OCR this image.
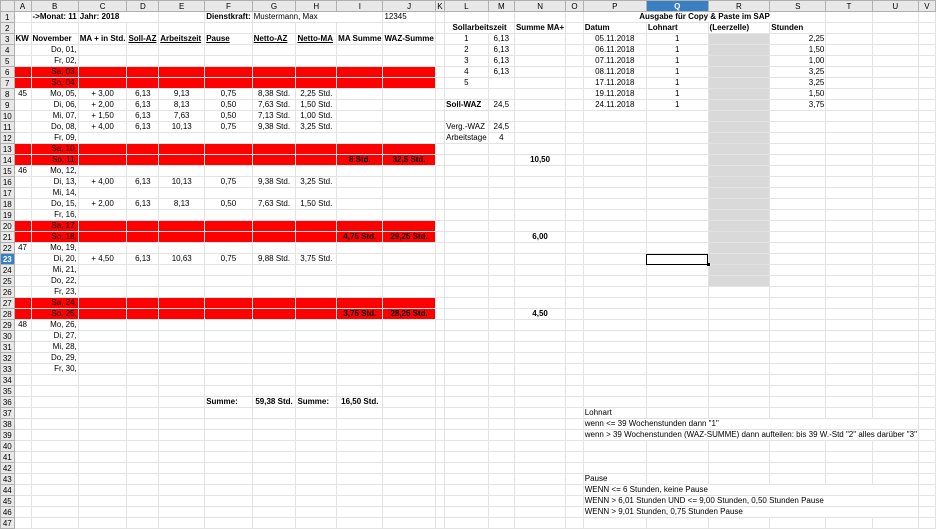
	A	B	C	D	E	F	G	H	I	J	K	L	M	N	O	P	Q	R	S	T	U	V
1		->Monat: 11	Jahr: 2018			Dienstkraft:	Mustermann, Max			12345						Ausgabe für Copy & Paste im SAP						
2												Sollarbeitszeit		Summe MA+		Datum	Lohnart	(Leerzelle)	Stunden			
3	KW	November	MA + in Std.	Soll-AZ	Arbeitszeit	Pause	Netto-AZ	Netto-MA	MA Summe	WAZ-Summe		1	6,13			05.11.2018	1		2,25			
4		Do, 01,										2	6,13			06.11.2018	1		1,50			
5		Fr, 02,										3	6,13			07.11.2018	1		1,00			
6		Sa, 03,										4	6,13			08.11.2018	1		3,25			
7		So, 04,										5				17.11.2018	1		3,25			
8	45	Mo, 05,	+ 3,00	6,13	9,13	0,75	8,38 Std.	2,25 Std.								19.11.2018	1		1,50			
9		Di, 06,	+ 2,00	6,13	8,13	0,50	7,63 Std.	1,50 Std.				Soll-WAZ	24,5			24.11.2018	1		3,75			
10		Mi, 07,	+ 1,50	6,13	7,63	0,50	7,13 Std.	1,00 Std.														
11		Do, 08,	+ 4,00	6,13	10,13	0,75	9,38 Std.	3,25 Std.				Verg.-WAZ	24,5									
12		Fr, 09,										Arbeitstage	4									
13		Sa, 10,																				
14		So, 11,							8 Std.	32,5 Std.				10,50								
15	46	Mo, 12,																				
16		Di, 13,	+ 4,00	6,13	10,13	0,75	9,38 Std.	3,25 Std.														
17		Mi, 14,																				
18		Do, 15,	+ 2,00	6,13	8,13	0,50	7,63 Std.	1,50 Std.														
19		Fr, 16,																				
20		Sa, 17,																				
21		So, 18,							4,75 Std.	29,25 Std.				6,00								
22	47	Mo, 19,																				
23		Di, 20,	+ 4,50	6,13	10,63	0,75	9,88 Std.	3,75 Std.														
24		Mi, 21,																				
25		Do, 22,																				
26		Fr, 23,																				
27		Sa, 24,																				
28		So, 25,							3,75 Std.	28,25 Std.				4,50								
29	48	Mo, 26,																				
30		Di, 27,																				
31		Mi, 28,																				
32		Do, 29,																				
33		Fr, 30,																				
34																						
35																						
36						Summe:	59,38 Std.	Summe:	16,50 Std.													
37																Lohnart						
38																wenn <= 39 Wochenstunden dann "1"						
39																wenn > 39 Wochenstunden (WAZ-SUMME) dann aufteilen: bis 39 W.-Std "2" alles darüber "3"						
40																						
41																						
42																						
43																Pause						
44																WENN <= 6 Stunden, keine Pause						
45																WENN > 6,01 Stunden UND <= 9,00 Stunden, 0,50 Stunden Pause						
46																WENN > 9,01 Stunden, 0,75 Stunden Pause						
47																						
